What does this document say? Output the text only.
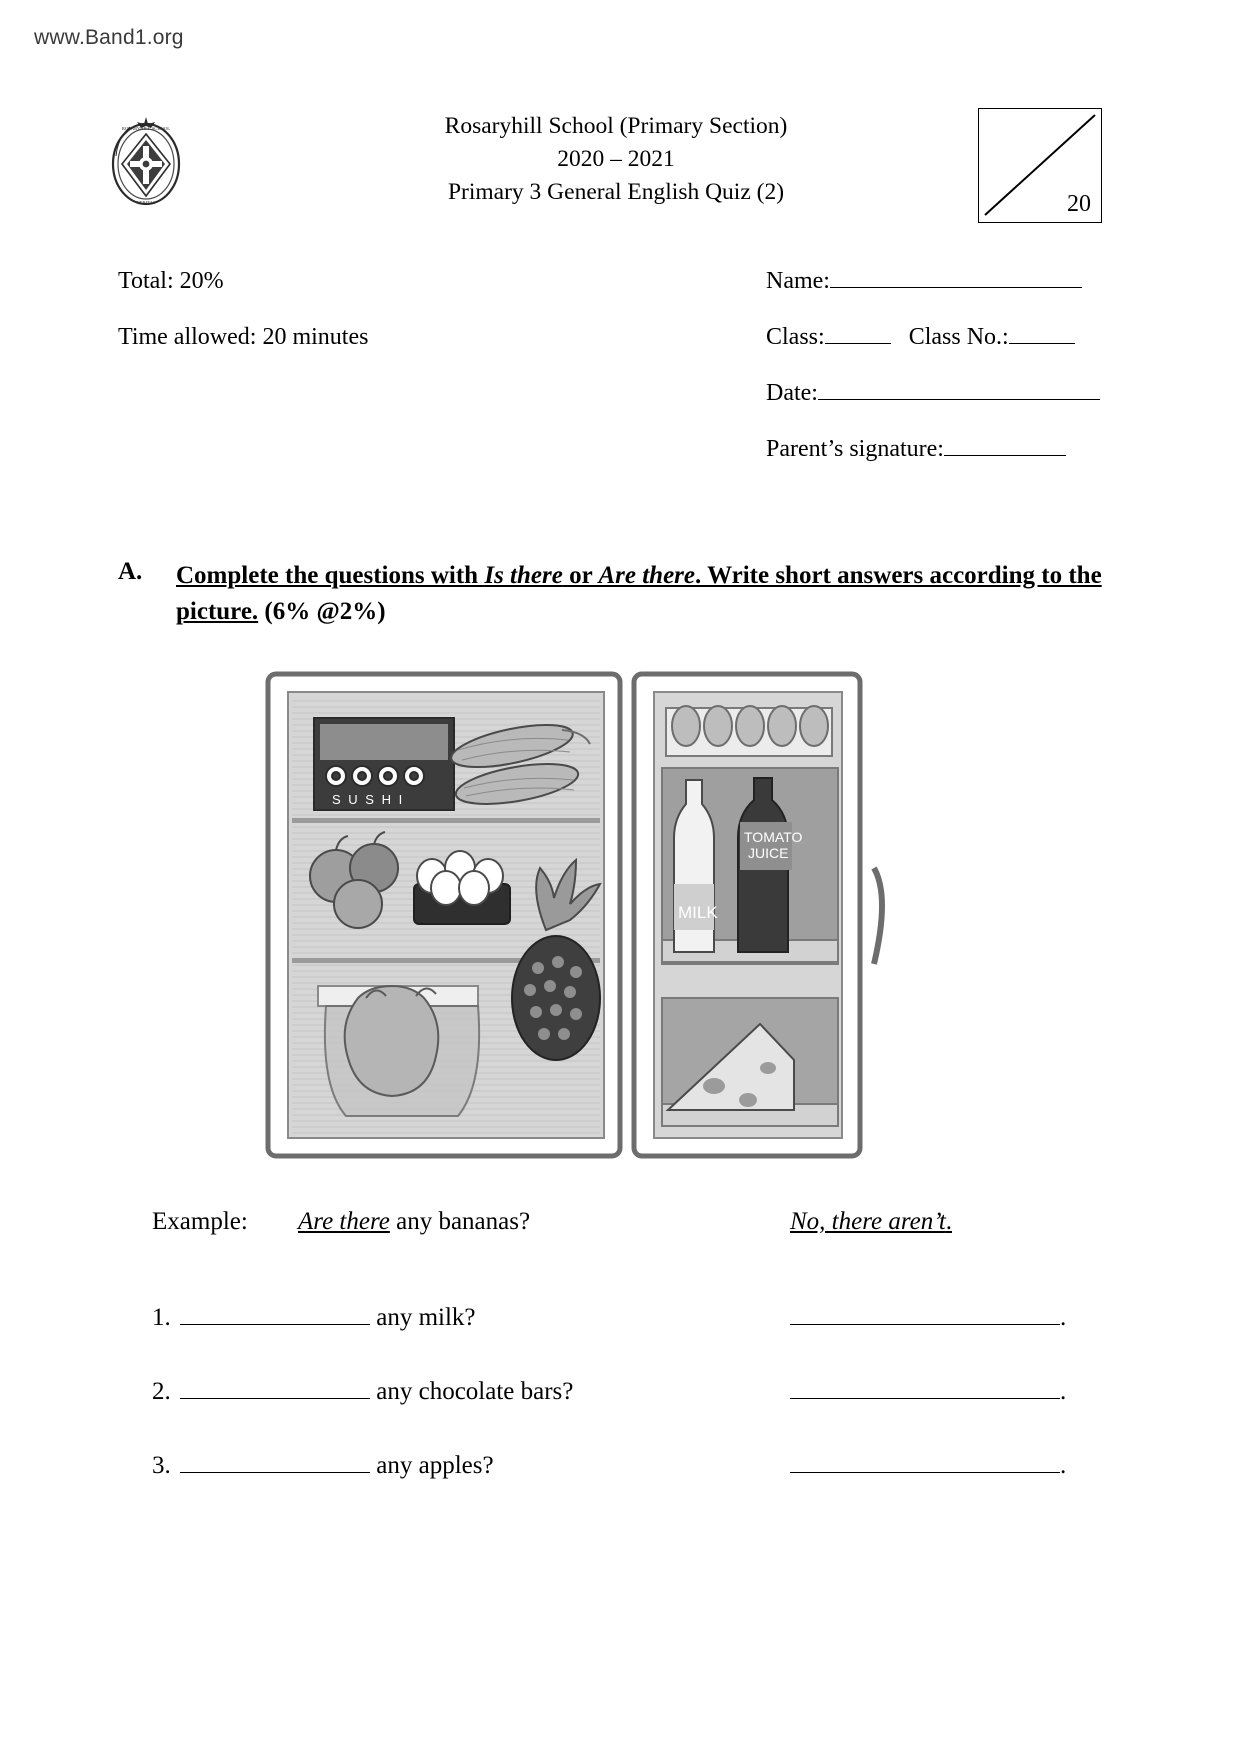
www.Band1.org
ROSARYHILL SCHOOL
VERITAS
Rosaryhill School (Primary Section)
2020 – 2021
Primary 3 General English Quiz (2)	20
Total: 20%	Name:
Time allowed: 20 minutes	Class:	Class No.:
Date:
Parent’s signature:
A. Complete the questions with Is there or Are there. Write short answers according to the picture. (6% @2%)
S U S H I
MILK
TOMATO
JUICE
Example: Are there any bananas?	No, there aren’t.
1.	any milk?	.
2.	any chocolate bars?	.
3.	any apples?	.
